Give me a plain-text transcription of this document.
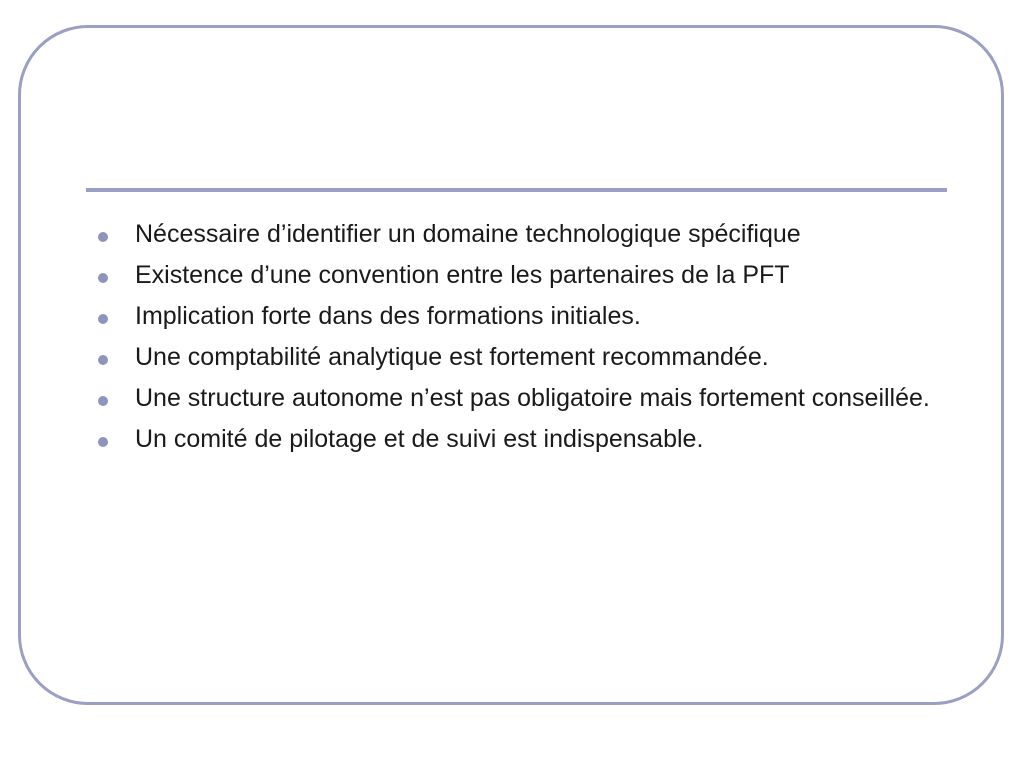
Nécessaire d’identifier un domaine technologique spécifique
Existence d’une convention entre les partenaires de la PFT
Implication forte dans des formations initiales.
Une comptabilité analytique est fortement recommandée.
Une structure autonome n’est pas obligatoire mais fortement conseillée.
Un comité de pilotage et de suivi est indispensable.
